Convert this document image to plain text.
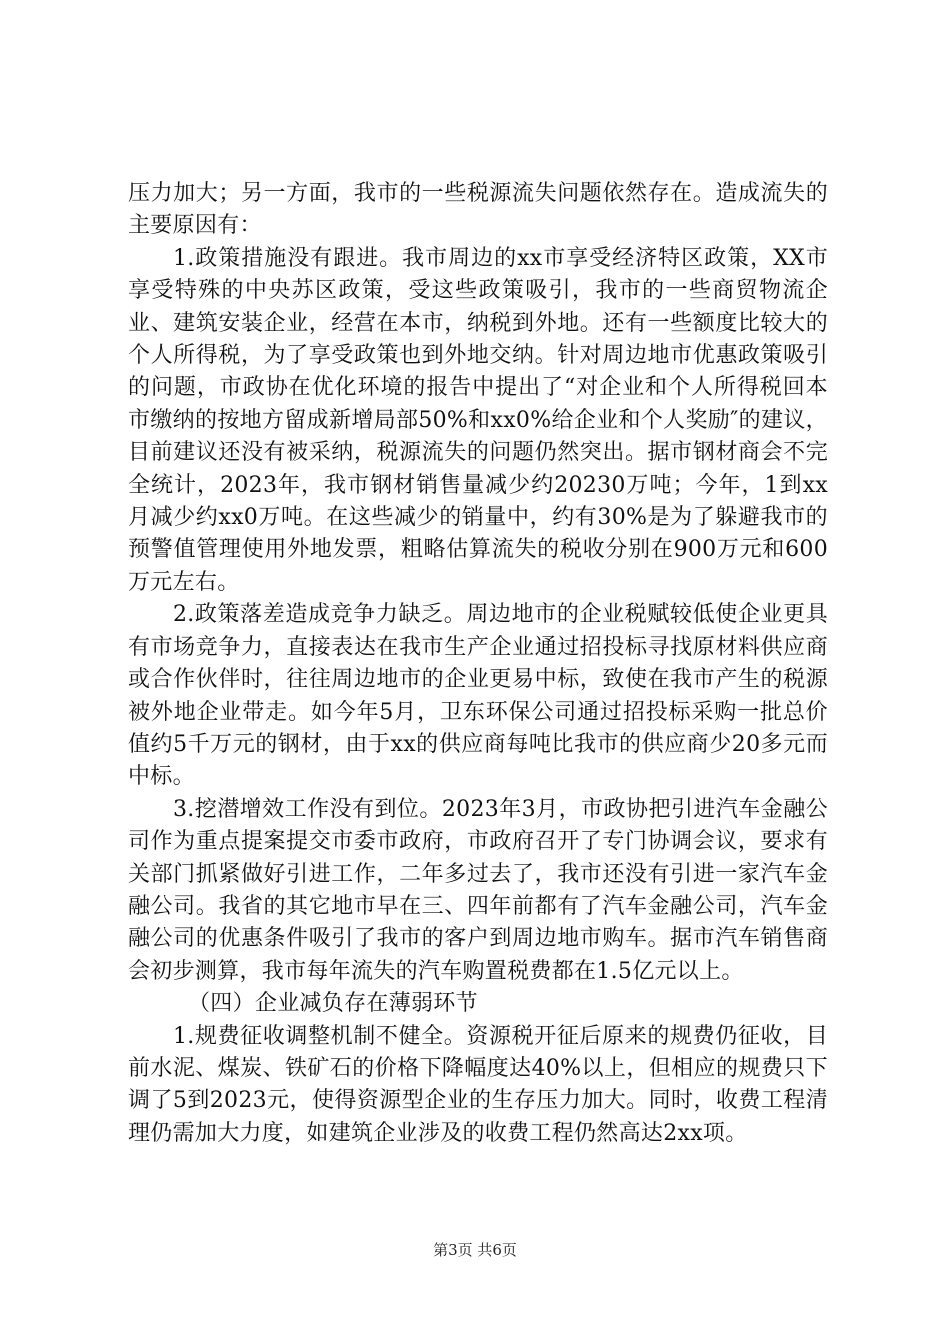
压力加大；另一方面，我市的一些税源流失问题依然存在。造成流失的主要原因有：

1.政策措施没有跟进。我市周边的xx市享受经济特区政策，XX市享受特殊的中央苏区政策，受这些政策吸引，我市的一些商贸物流企业、建筑安装企业，经营在本市，纳税到外地。还有一些额度比较大的个人所得税，为了享受政策也到外地交纳。针对周边地市优惠政策吸引的问题，市政协在优化环境的报告中提出了“对企业和个人所得税回本市缴纳的按地方留成新增局部50%和xx0%给企业和个人奖励″的建议，目前建议还没有被采纳，税源流失的问题仍然突出。据市钢材商会不完全统计，2023年，我市钢材销售量减少约20230万吨；今年，1到xx月减少约xx0万吨。在这些减少的销量中，约有30%是为了躲避我市的预警值管理使用外地发票，粗略估算流失的税收分别在900万元和600万元左右。

2.政策落差造成竞争力缺乏。周边地市的企业税赋较低使企业更具有市场竞争力，直接表达在我市生产企业通过招投标寻找原材料供应商或合作伙伴时，往往周边地市的企业更易中标，致使在我市产生的税源被外地企业带走。如今年5月，卫东环保公司通过招投标采购一批总价值约5千万元的钢材，由于xx的供应商每吨比我市的供应商少20多元而中标。

3.挖潜增效工作没有到位。2023年3月，市政协把引进汽车金融公司作为重点提案提交市委市政府，市政府召开了专门协调会议，要求有关部门抓紧做好引进工作，二年多过去了，我市还没有引进一家汽车金融公司。我省的其它地市早在三、四年前都有了汽车金融公司，汽车金融公司的优惠条件吸引了我市的客户到周边地市购车。据市汽车销售商会初步测算，我市每年流失的汽车购置税费都在1.5亿元以上。

（四）企业减负存在薄弱环节

1.规费征收调整机制不健全。资源税开征后原来的规费仍征收，目前水泥、煤炭、铁矿石的价格下降幅度达40%以上，但相应的规费只下调了5到2023元，使得资源型企业的生存压力加大。同时，收费工程清理仍需加大力度，如建筑企业涉及的收费工程仍然高达2xx项。

第3页 共6页
